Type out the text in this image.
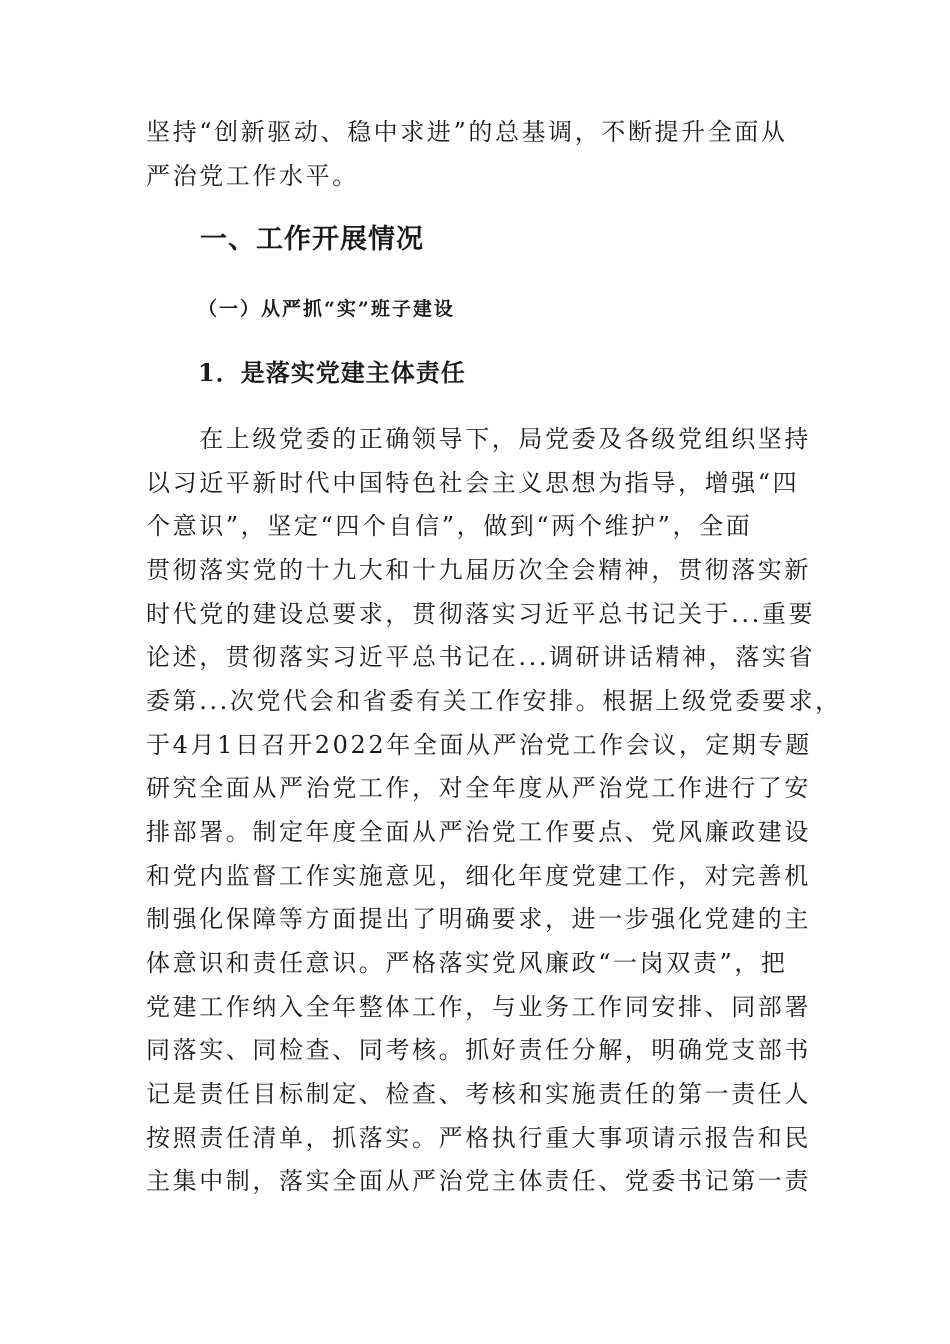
坚持“创新驱动、稳中求进”的总基调，不断提升全面从
严治党工作水平。
一、工作开展情况
（一）从严抓“实”班子建设
1．是落实党建主体责任
　　在上级党委的正确领导下，局党委及各级党组织坚持
以习近平新时代中国特色社会主义思想为指导，增强“四
个意识”，坚定“四个自信”，做到“两个维护”，全面
贯彻落实党的十九大和十九届历次全会精神，贯彻落实新
时代党的建设总要求，贯彻落实习近平总书记关于...重要
论述，贯彻落实习近平总书记在...调研讲话精神，落实省
委第...次党代会和省委有关工作安排。根据上级党委要求，
于4月1日召开2022年全面从严治党工作会议，定期专题
研究全面从严治党工作，对全年度从严治党工作进行了安
排部署。制定年度全面从严治党工作要点、党风廉政建设
和党内监督工作实施意见，细化年度党建工作，对完善机
制强化保障等方面提出了明确要求，进一步强化党建的主
体意识和责任意识。严格落实党风廉政“一岗双责”，把
党建工作纳入全年整体工作，与业务工作同安排、同部署
同落实、同检查、同考核。抓好责任分解，明确党支部书
记是责任目标制定、检查、考核和实施责任的第一责任人
按照责任清单，抓落实。严格执行重大事项请示报告和民
主集中制，落实全面从严治党主体责任、党委书记第一责
